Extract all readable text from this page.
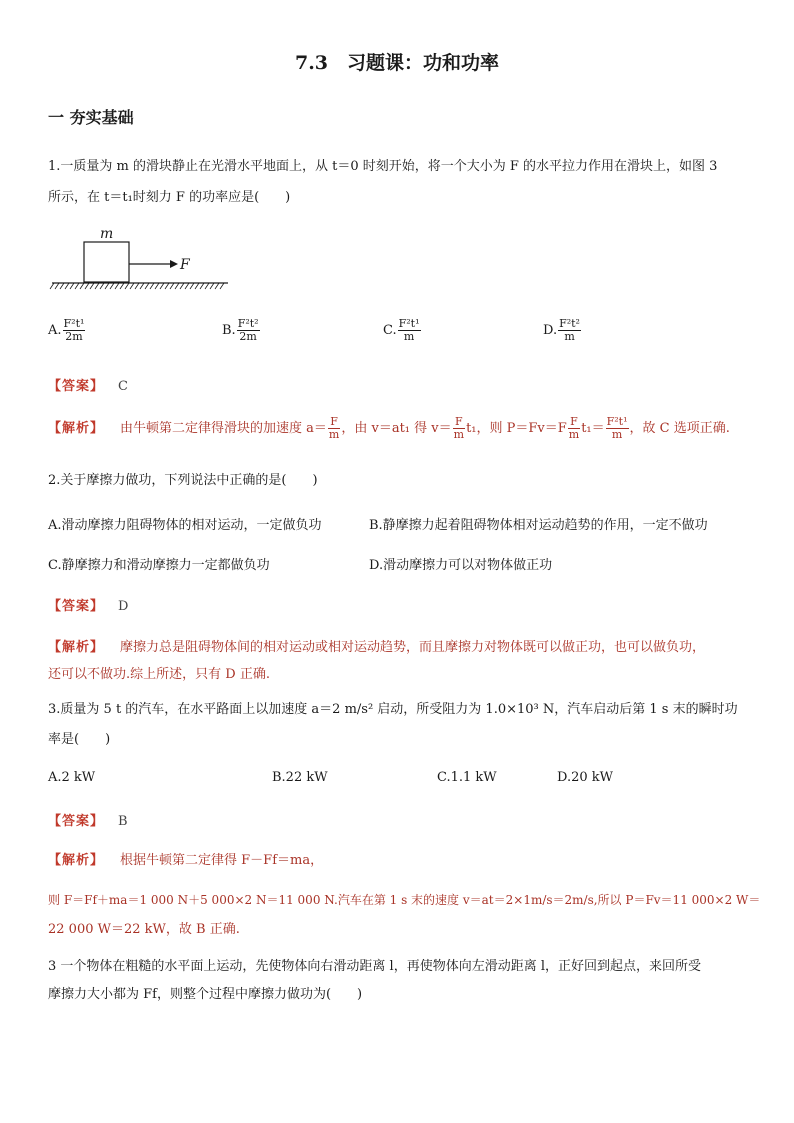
7.3　习题课：功和功率
一 夯实基础
1.一质量为 m 的滑块静止在光滑水平地面上，从 t＝0 时刻开始，将一个大小为 F 的水平拉力作用在滑块上，如图 3
所示，在 t＝t₁时刻力 F 的功率应是(　　)
m
F
A. $\frac{\text{F²t¹}}{2m}$	B. $\frac{\text{F²t²}}{2m}$	C. $\frac{\text{F²t¹}}{m}$	D. $\frac{\text{F²t²}}{m}$
【答案】 C
【解析】 由牛顿第二定律得滑块的加速度 $a= \frac{F}{m}$ ，由 v＝at₁ 得 $v= \frac{F}{m} t_1$，则 $P=Fv=F \frac{F}{m} t_1= \frac{\text{F²t¹}}{m}$ ，故 C 选项正确.
2.关于摩擦力做功，下列说法中正确的是(　　)
A.滑动摩擦力阻碍物体的相对运动，一定做负功	B.静摩擦力起着阻碍物体相对运动趋势的作用，一定不做功
C.静摩擦力和滑动摩擦力一定都做负功	D.滑动摩擦力可以对物体做正功
【答案】 D
【解析】 摩擦力总是阻碍物体间的相对运动或相对运动趋势，而且摩擦力对物体既可以做正功，也可以做负功，
还可以不做功.综上所述，只有 D 正确.
3.质量为 5 t 的汽车，在水平路面上以加速度 a＝2 m/s² 启动，所受阻力为 1.0×10³ N，汽车启动后第 1 s 末的瞬时功
率是(　　)
A.2 kW	B.22 kW	C.1.1 kW	D.20 kW
【答案】 B
【解析】 根据牛顿第二定律得 F－Ff＝ma，
则 F＝Ff＋ma＝1 000 N＋5 000×2 N＝11 000 N.汽车在第 1 s 末的速度 v＝at＝2×1m/s＝2m/s,所以 P＝Fv＝11 000×2 W＝
22 000 W＝22 kW，故 B 正确.
3 一个物体在粗糙的水平面上运动，先使物体向右滑动距离 l，再使物体向左滑动距离 l，正好回到起点，来回所受
摩擦力大小都为 Ff，则整个过程中摩擦力做功为(　　)
